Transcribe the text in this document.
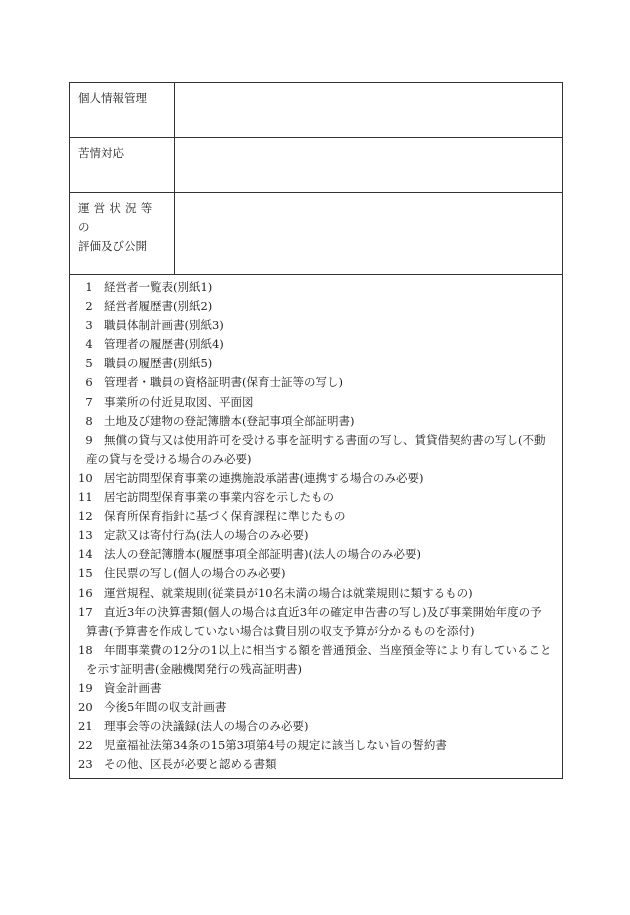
個人情報管理
苦情対応
運営状況等の
評価及び公開
1 経営者一覧表(別紙1)
2 経営者履歴書(別紙2)
3 職員体制計画書(別紙3)
4 管理者の履歴書(別紙4)
5 職員の履歴書(別紙5)
6 管理者・職員の資格証明書(保育士証等の写し)
7 事業所の付近見取図、平面図
8 土地及び建物の登記簿謄本(登記事項全部証明書)
9 無償の貸与又は使用許可を受ける事を証明する書面の写し、賃貸借契約書の写し(不動
産の貸与を受ける場合のみ必要)
10 居宅訪問型保育事業の連携施設承諾書(連携する場合のみ必要)
11 居宅訪問型保育事業の事業内容を示したもの
12 保育所保育指針に基づく保育課程に準じたもの
13 定款又は寄付行為(法人の場合のみ必要)
14 法人の登記簿謄本(履歴事項全部証明書)(法人の場合のみ必要)
15 住民票の写し(個人の場合のみ必要)
16 運営規程、就業規則(従業員が10名未満の場合は就業規則に類するもの)
17 直近3年の決算書類(個人の場合は直近3年の確定申告書の写し)及び事業開始年度の予
算書(予算書を作成していない場合は費目別の収支予算が分かるものを添付)
18 年間事業費の12分の1以上に相当する額を普通預金、当座預金等により有していること
を示す証明書(金融機関発行の残高証明書)
19 資金計画書
20 今後5年間の収支計画書
21 理事会等の決議録(法人の場合のみ必要)
22 児童福祉法第34条の15第3項第4号の規定に該当しない旨の誓約書
23 その他、区長が必要と認める書類
